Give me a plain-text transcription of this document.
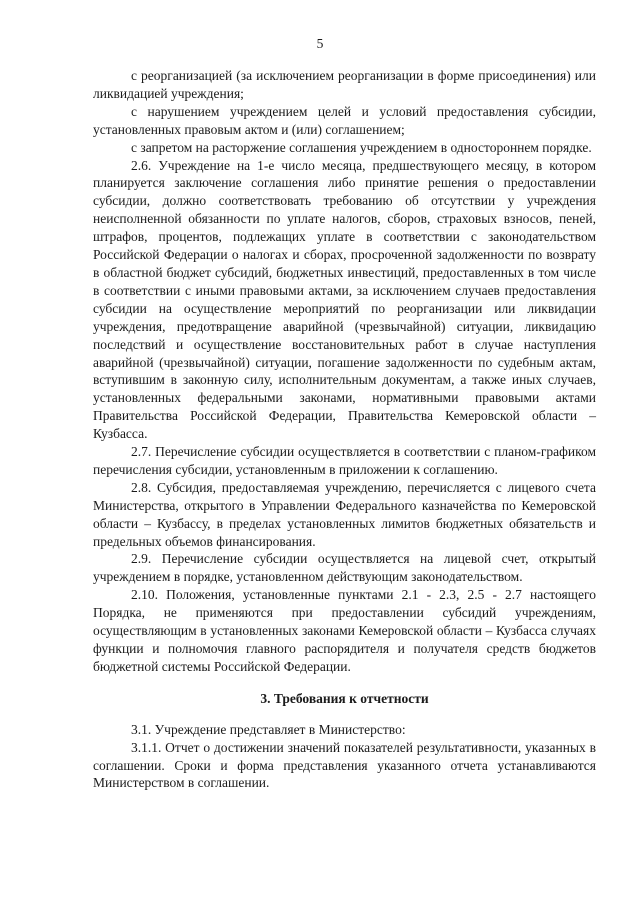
5

с реорганизацией (за исключением реорганизации в форме присоединения) или ликвидацией учреждения;

с нарушением учреждением целей и условий предоставления субсидии, установленных правовым актом и (или) соглашением;

с запретом на расторжение соглашения учреждением в одностороннем порядке.

2.6. Учреждение на 1-е число месяца, предшествующего месяцу, в котором планируется заключение соглашения либо принятие решения о предоставлении субсидии, должно соответствовать требованию об отсутствии у учреждения неисполненной обязанности по уплате налогов, сборов, страховых взносов, пеней, штрафов, процентов, подлежащих уплате в соответствии с законодательством Российской Федерации о налогах и сборах, просроченной задолженности по возврату в областной бюджет субсидий, бюджетных инвестиций, предоставленных в том числе в соответствии с иными правовыми актами, за исключением случаев предоставления субсидии на осуществление мероприятий по реорганизации или ликвидации учреждения, предотвращение аварийной (чрезвычайной) ситуации, ликвидацию последствий и осуществление восстановительных работ в случае наступления аварийной (чрезвычайной) ситуации, погашение задолженности по судебным актам, вступившим в законную силу, исполнительным документам, а также иных случаев, установленных федеральными законами, нормативными правовыми актами Правительства Российской Федерации, Правительства Кемеровской области – Кузбасса.

2.7. Перечисление субсидии осуществляется в соответствии с планом-графиком перечисления субсидии, установленным в приложении к соглашению.

2.8. Субсидия, предоставляемая учреждению, перечисляется с лицевого счета Министерства, открытого в Управлении Федерального казначейства по Кемеровской области – Кузбассу, в пределах установленных лимитов бюджетных обязательств и предельных объемов финансирования.

2.9. Перечисление субсидии осуществляется на лицевой счет, открытый учреждением в порядке, установленном действующим законодательством.

2.10. Положения, установленные пунктами 2.1 - 2.3, 2.5 - 2.7 настоящего Порядка, не применяются при предоставлении субсидий учреждениям, осуществляющим в установленных законами Кемеровской области – Кузбасса случаях функции и полномочия главного распорядителя и получателя средств бюджетов бюджетной системы Российской Федерации.

3. Требования к отчетности

3.1. Учреждение представляет в Министерство:

3.1.1. Отчет о достижении значений показателей результативности, указанных в соглашении. Сроки и форма представления указанного отчета устанавливаются Министерством в соглашении.
